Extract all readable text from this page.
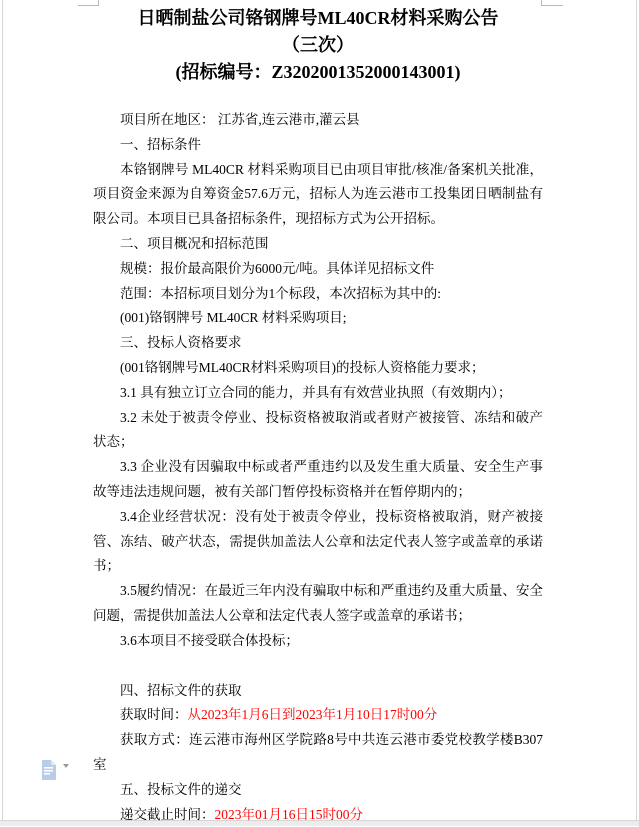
日晒制盐公司铬钢牌号ML40CR材料采购公告
（三次）
(招标编号：Z3202001352000143001)

项目所在地区： 江苏省,连云港市,灌云县

一、招标条件

本铬钢牌号 ML40CR 材料采购项目已由项目审批/核准/备案机关批准，项目资金来源为自筹资金57.6万元，招标人为连云港市工投集团日晒制盐有限公司。本项目已具备招标条件，现招标方式为公开招标。

二、项目概况和招标范围

规模：报价最高限价为6000元/吨。具体详见招标文件

范围：本招标项目划分为1个标段，本次招标为其中的:

(001)铬钢牌号 ML40CR 材料采购项目;

三、投标人资格要求

(001铬钢牌号ML40CR材料采购项目)的投标人资格能力要求；

3.1 具有独立订立合同的能力，并具有有效营业执照（有效期内）；

3.2 未处于被责令停业、投标资格被取消或者财产被接管、冻结和破产状态；

3.3 企业没有因骗取中标或者严重违约以及发生重大质量、安全生产事故等违法违规问题，被有关部门暂停投标资格并在暂停期内的；

3.4企业经营状况：没有处于被责令停业，投标资格被取消，财产被接管、冻结、破产状态，需提供加盖法人公章和法定代表人签字或盖章的承诺书；

3.5履约情况：在最近三年内没有骗取中标和严重违约及重大质量、安全问题，需提供加盖法人公章和法定代表人签字或盖章的承诺书；

3.6本项目不接受联合体投标；

四、招标文件的获取

获取时间：从2023年1月6日到2023年1月10日17时00分

获取方式：连云港市海州区学院路8号中共连云港市委党校教学楼B307室

五、投标文件的递交

递交截止时间：2023年01月16日15时00分
